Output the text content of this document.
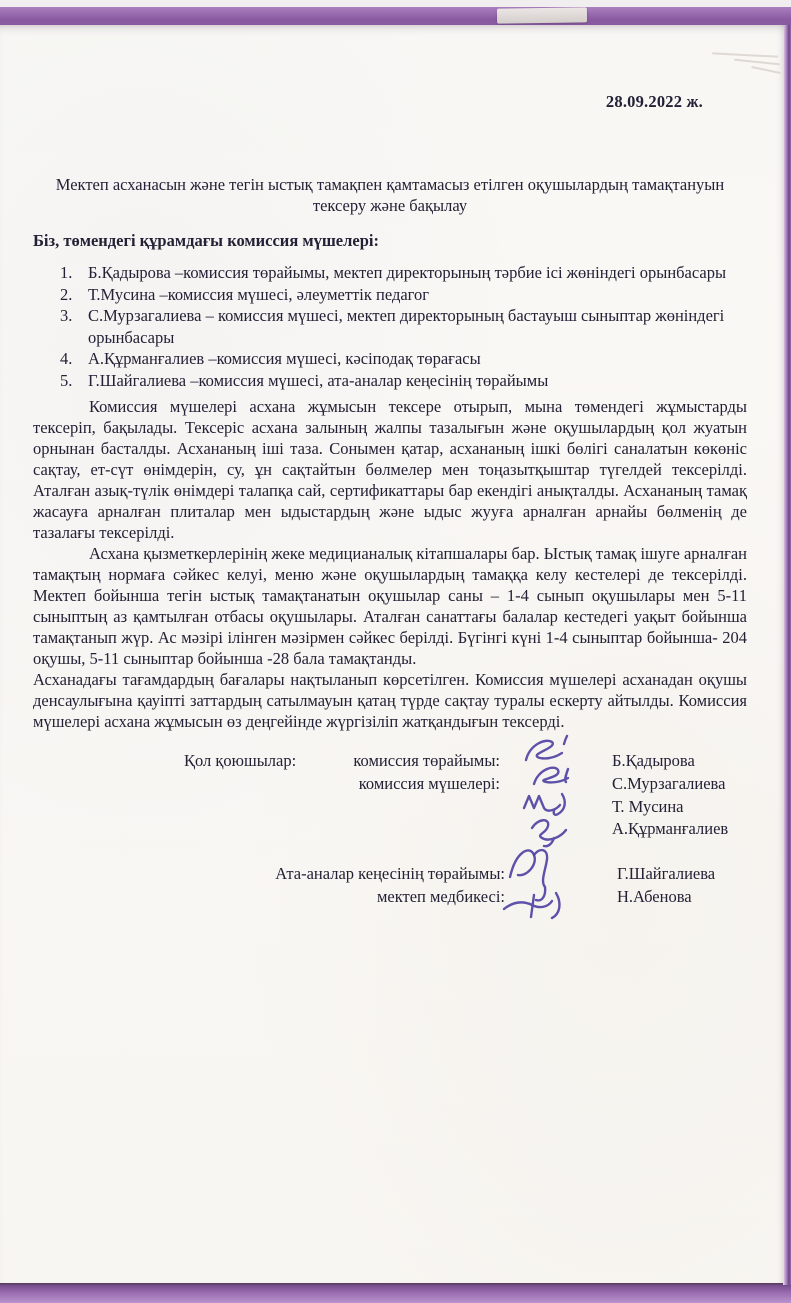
28.09.2022 ж.
Мектеп асханасын және тегін ыстық тамақпен қамтамасыз етілген оқушылардың тамақтануын
тексеру және бақылау
Біз, төмендегі құрамдағы комиссия мүшелері:
1. Б.Қадырова –комиссия төрайымы, мектеп директорының тәрбие ісі жөніндегі орынбасары
2. Т.Мусина –комиссия мүшесі, әлеуметтік педагог
3. С.Мурзагалиева – комиссия мүшесі, мектеп директорының бастауыш сыныптар жөніндегі орынбасары
4. А.Құрманғалиев –комиссия мүшесі, кәсіподақ төрағасы
5. Г.Шайгалиева –комиссия мүшесі, ата-аналар кеңесінің төрайымы

Комиссия мүшелері асхана жұмысын тексере отырып, мына төмендегі жұмыстарды тексеріп, бақылады. Тексеріс асхана залының жалпы тазалығын және оқушылардың қол жуатын орнынан басталды. Асхананың іші таза. Сонымен қатар, асхананың ішкі бөлігі саналатын көкөніс сақтау, ет-сүт өнімдерін, су, ұн сақтайтын бөлмелер мен тоңазытқыштар түгелдей тексерілді. Аталған азық-түлік өнімдері талапқа сай, сертификаттары бар екендігі анықталды. Асхананың тамақ жасауға арналған плиталар мен ыдыстардың және ыдыс жууға арналған арнайы бөлменің де тазалағы тексерілді.

Асхана қызметкерлерінің жеке медицианалық кітапшалары бар. Ыстық тамақ ішуге арналған тамақтың нормаға сәйкес келуі, меню және оқушылардың тамаққа келу кестелері де тексерілді. Мектеп бойынша тегін ыстық тамақтанатын оқушылар саны – 1-4 сынып оқушылары мен 5-11 сыныптың аз қамтылған отбасы оқушылары. Аталған санаттағы балалар кестедегі уақыт бойынша тамақтанып жүр. Ас мәзірі ілінген мәзірмен сәйкес берілді. Бүгінгі күні 1-4 сыныптар бойынша- 204 оқушы, 5-11 сыныптар бойынша -28 бала тамақтанды.

Асханадағы тағамдардың бағалары нақтыланып көрсетілген. Комиссия мүшелері асханадан оқушы денсаулығына қауіпті заттардың сатылмауын қатаң түрде сақтау туралы ескерту айтылды. Комиссия мүшелері асхана жұмысын өз деңгейінде жүргізіліп жатқандығын тексерді.

Қол қоюшылар:	комиссия төрайымы:
комиссия мүшелері:
Б.Қадырова
С.Мурзагалиева
Т. Мусина
А.Құрманғалиев
Ата-аналар кеңесінің төрайымы:
мектеп медбикесі:
Г.Шайгалиева
Н.Абенова
